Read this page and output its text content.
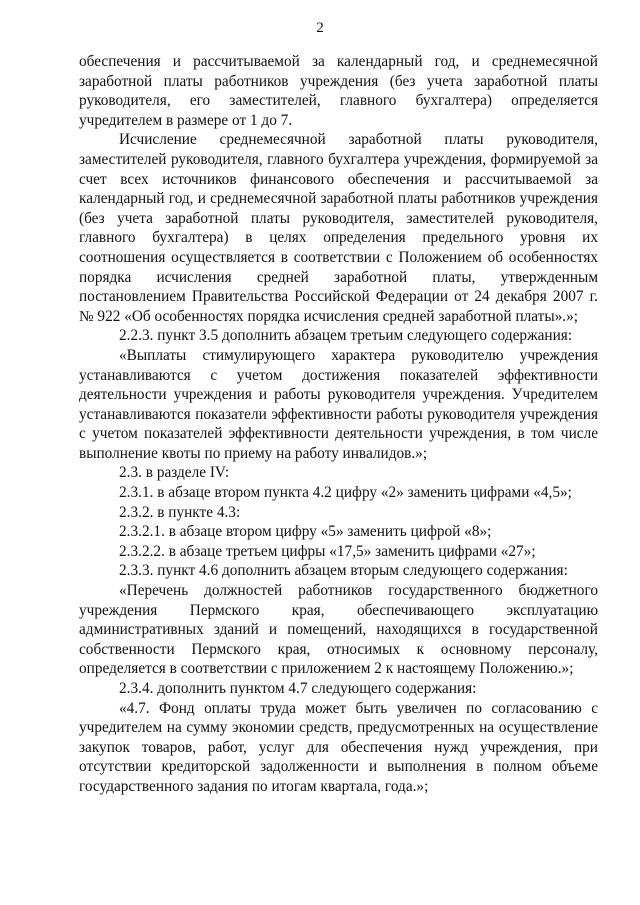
2

обеспечения и рассчитываемой за календарный год, и среднемесячной заработной платы работников учреждения (без учета заработной платы руководителя, его заместителей, главного бухгалтера) определяется учредителем в размере от 1 до 7.

Исчисление среднемесячной заработной платы руководителя, заместителей руководителя, главного бухгалтера учреждения, формируемой за счет всех источников финансового обеспечения и рассчитываемой за календарный год, и среднемесячной заработной платы работников учреждения (без учета заработной платы руководителя, заместителей руководителя, главного бухгалтера) в целях определения предельного уровня их соотношения осуществляется в соответствии с Положением об особенностях порядка исчисления средней заработной платы, утвержденным постановлением Правительства Российской Федерации от 24 декабря 2007 г. № 922 «Об особенностях порядка исчисления средней заработной платы».»;

2.2.3. пункт 3.5 дополнить абзацем третьим следующего содержания:

«Выплаты стимулирующего характера руководителю учреждения устанавливаются с учетом достижения показателей эффективности деятельности учреждения и работы руководителя учреждения. Учредителем устанавливаются показатели эффективности работы руководителя учреждения с учетом показателей эффективности деятельности учреждения, в том числе выполнение квоты по приему на работу инвалидов.»;

2.3. в разделе IV:

2.3.1. в абзаце втором пункта 4.2 цифру «2» заменить цифрами «4,5»;

2.3.2. в пункте 4.3:

2.3.2.1. в абзаце втором цифру «5» заменить цифрой «8»;

2.3.2.2. в абзаце третьем цифры «17,5» заменить цифрами «27»;

2.3.3. пункт 4.6 дополнить абзацем вторым следующего содержания:

«Перечень должностей работников государственного бюджетного учреждения Пермского края, обеспечивающего эксплуатацию административных зданий и помещений, находящихся в государственной собственности Пермского края, относимых к основному персоналу, определяется в соответствии с приложением 2 к настоящему Положению.»;

2.3.4. дополнить пунктом 4.7 следующего содержания:

«4.7. Фонд оплаты труда может быть увеличен по согласованию с учредителем на сумму экономии средств, предусмотренных на осуществление закупок товаров, работ, услуг для обеспечения нужд учреждения, при отсутствии кредиторской задолженности и выполнения в полном объеме государственного задания по итогам квартала, года.»;
